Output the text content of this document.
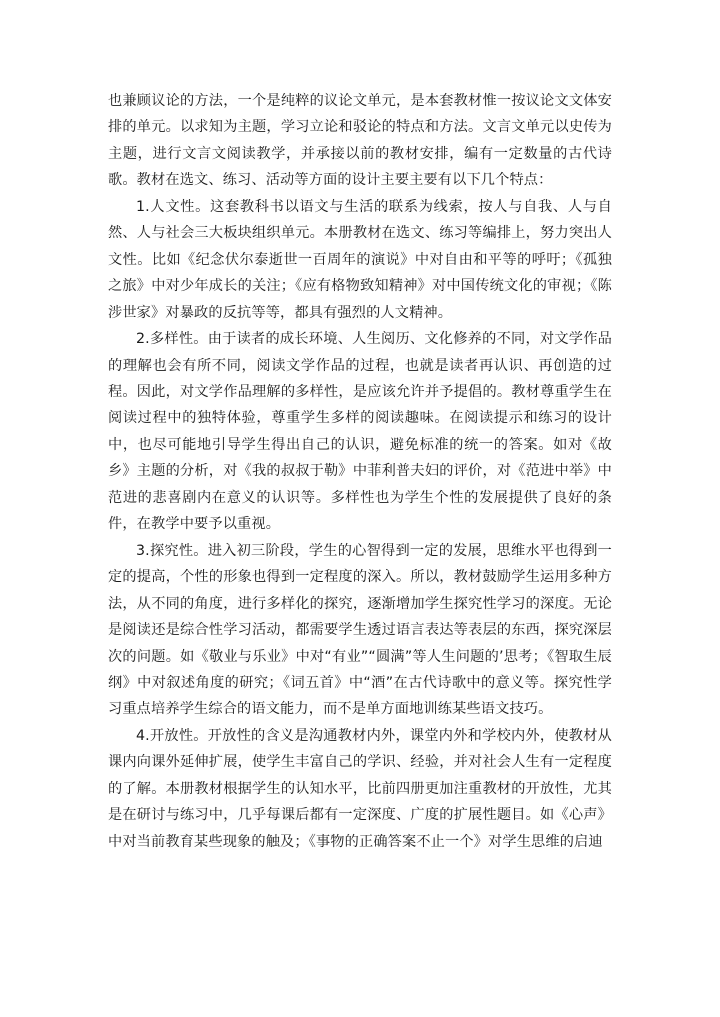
也兼顾议论的方法，一个是纯粹的议论文单元，是本套教材惟一按议论文文体安排的单元。以求知为主题，学习立论和驳论的特点和方法。文言文单元以史传为主题，进行文言文阅读教学，并承接以前的教材安排，编有一定数量的古代诗歌。教材在选文、练习、活动等方面的设计主要主要有以下几个特点：

1.人文性。这套教科书以语文与生活的联系为线索，按人与自我、人与自然、人与社会三大板块组织单元。本册教材在选文、练习等编排上，努力突出人文性。比如《纪念伏尔泰逝世一百周年的演说》中对自由和平等的呼吁；《孤独之旅》中对少年成长的关注；《应有格物致知精神》对中国传统文化的审视；《陈涉世家》对暴政的反抗等等，都具有强烈的人文精神。

2.多样性。由于读者的成长环境、人生阅历、文化修养的不同，对文学作品的理解也会有所不同，阅读文学作品的过程，也就是读者再认识、再创造的过程。因此，对文学作品理解的多样性，是应该允许并予提倡的。教材尊重学生在阅读过程中的独特体验，尊重学生多样的阅读趣味。在阅读提示和练习的设计中，也尽可能地引导学生得出自己的认识，避免标准的统一的答案。如对《故乡》主题的分析，对《我的叔叔于勒》中菲利普夫妇的评价，对《范进中举》中范进的悲喜剧内在意义的认识等。多样性也为学生个性的发展提供了良好的条件，在教学中要予以重视。

3.探究性。进入初三阶段，学生的心智得到一定的发展，思维水平也得到一定的提高，个性的形象也得到一定程度的深入。所以，教材鼓励学生运用多种方法，从不同的角度，进行多样化的探究，逐渐增加学生探究性学习的深度。无论是阅读还是综合性学习活动，都需要学生透过语言表达等表层的东西，探究深层次的问题。如《敬业与乐业》中对“有业”“圆满”等人生问题的’思考；《智取生辰纲》中对叙述角度的研究；《词五首》中“酒”在古代诗歌中的意义等。探究性学习重点培养学生综合的语文能力，而不是单方面地训练某些语文技巧。

4.开放性。开放性的含义是沟通教材内外，课堂内外和学校内外，使教材从课内向课外延伸扩展，使学生丰富自己的学识、经验，并对社会人生有一定程度的了解。本册教材根据学生的认知水平，比前四册更加注重教材的开放性，尤其是在研讨与练习中，几乎每课后都有一定深度、广度的扩展性题目。如《心声》中对当前教育某些现象的触及；《事物的正确答案不止一个》对学生思维的启迪
